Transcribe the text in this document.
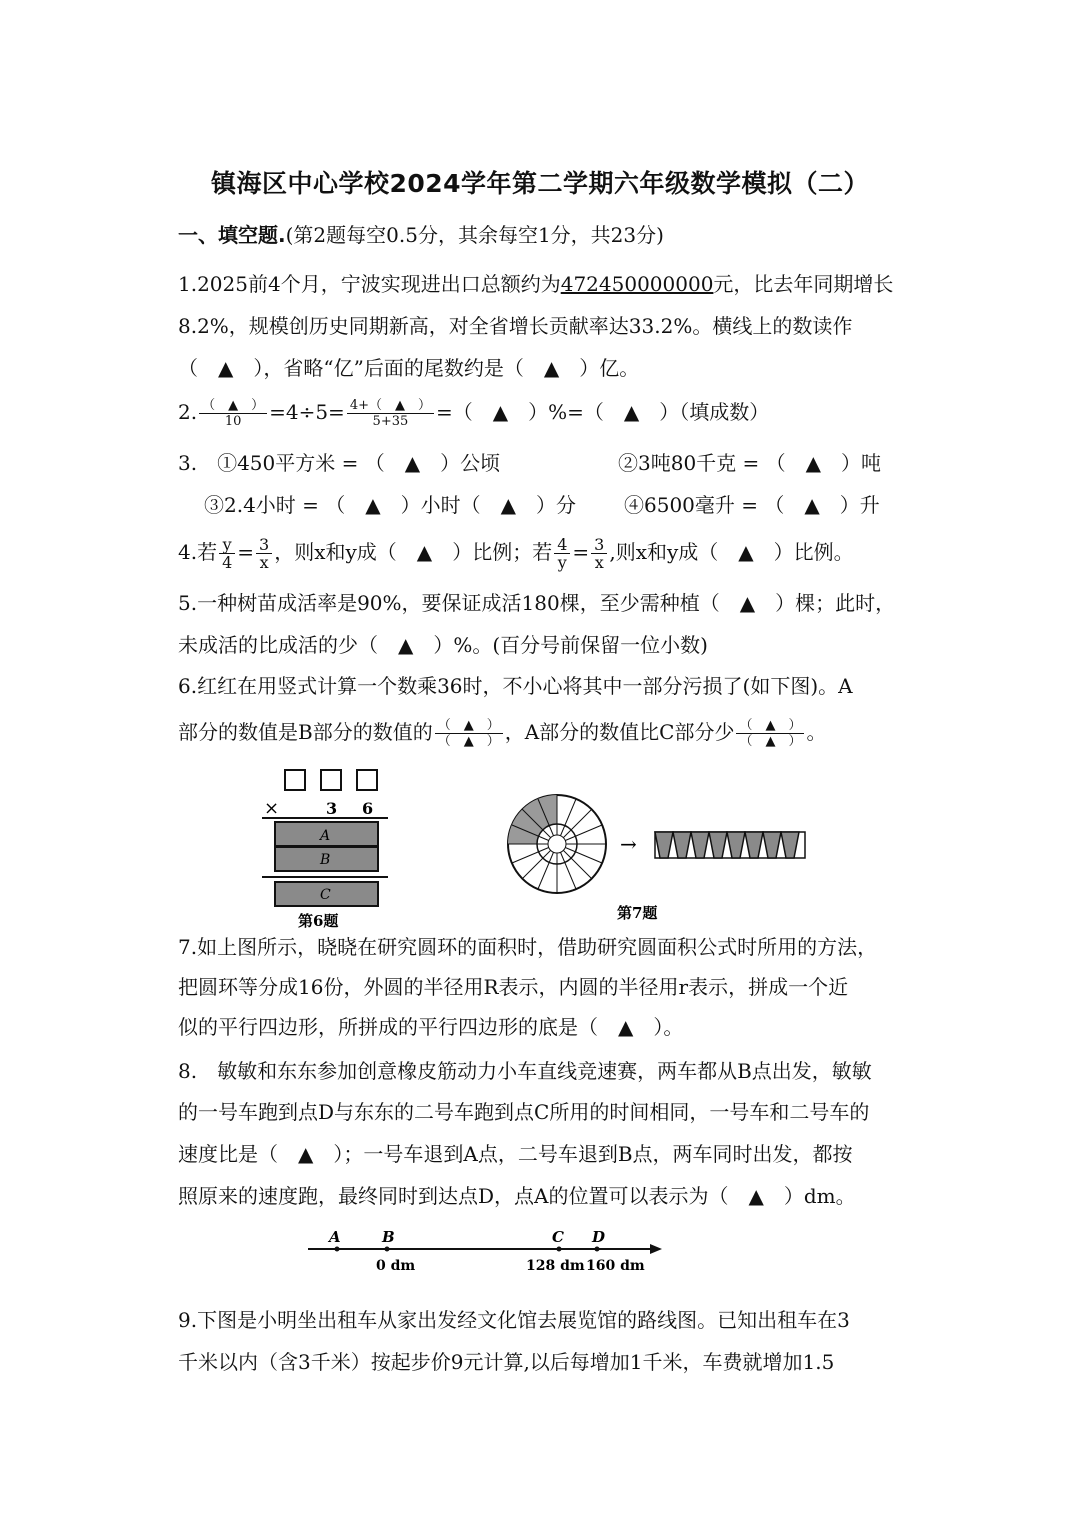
镇海区中心学校2024学年第二学期六年级数学模拟（二）
一、填空题.(第2题每空0.5分，其余每空1分，共23分)
1.2025前4个月，宁波实现进出口总额约为472450000000元，比去年同期增长
8.2%，规模创历史同期新高，对全省增长贡献率达33.2%。横线上的数读作
（　▲　），省略“亿”后面的尾数约是（　▲　）亿。
2. $\frac{( ▲ )}{10} =4\div 5= \frac{4+( ▲ )}{5+35}$ =（　▲　）%=（　▲　）（填成数）
3.　①450平方米 = （　▲　）公顷	②3吨80千克 = （　▲　）吨
③2.4小时 = （　▲　）小时（　▲　）分 ④6500毫升 = （　▲　）升
4.若 $\frac{y}{4} = \frac{3}{x}$ ，则x和y成（　▲　）比例；若 $\frac{4}{y} = \frac{3}{x}$ ,则x和y成（　▲　）比例。
5.一种树苗成活率是90%，要保证成活180棵，至少需种植（　▲　）棵；此时，
未成活的比成活的少（　▲　）%。(百分号前保留一位小数)
6.红红在用竖式计算一个数乘36时，不小心将其中一部分污损了(如下图)。A
部分的数值是B部分的数值的 $\frac{( ▲ )}{( ▲ )}$ ，A部分的数值比C部分少 $\frac{( ▲ )}{( ▲ )}$ 。
×	3 6
A
B
C
第6题
→
第7题
7.如上图所示，晓晓在研究圆环的面积时，借助研究圆面积公式时所用的方法，
把圆环等分成16份，外圆的半径用R表示，内圆的半径用r表示，拼成一个近
似的平行四边形，所拼成的平行四边形的底是（　▲　）。
8.　敏敏和东东参加创意橡皮筋动力小车直线竞速赛，两车都从B点出发，敏敏
的一号车跑到点D与东东的二号车跑到点C所用的时间相同，一号车和二号车的
速度比是（　▲　）；一号车退到A点，二号车退到B点，两车同时出发，都按
照原来的速度跑，最终同时到达点D，点A的位置可以表示为（　▲　）dm。
A	B	C D
0 dm	128 dm 160 dm
9.下图是小明坐出租车从家出发经文化馆去展览馆的路线图。已知出租车在3
千米以内（含3千米）按起步价9元计算,以后每增加1千米，车费就增加1.5
